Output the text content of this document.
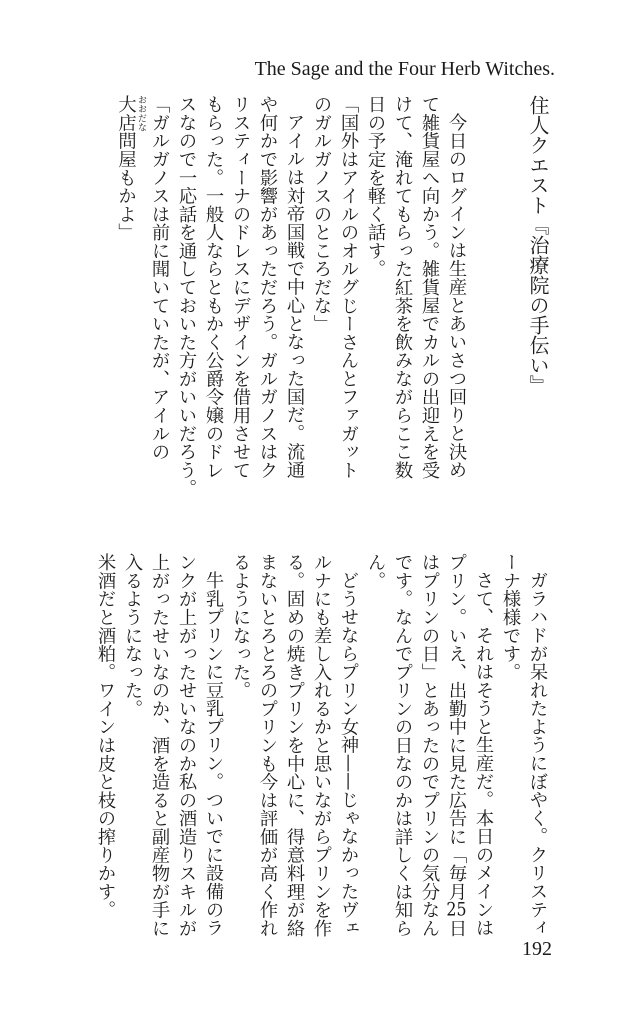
The Sage and the Four Herb Witches.
住人クエスト『治療院の手伝い』
今日のログインは生産とあいさつ回りと決め
て雑貨屋へ向かう。雑貨屋でカルの出迎えを受
けて、淹れてもらった紅茶を飲みながらここ数
日の予定を軽く話す。
「国外はアイルのオルグじーさんとファガット
のガルガノスのところだな」
アイルは対帝国戦で中心となった国だ。流通
や何かで影響があっただろう。ガルガノスはク
リスティーナのドレスにデザインを借用させて
もらった。一般人ならともかく公爵令嬢のドレ
スなので一応話を通しておいた方がいいだろう。
「ガルガノスは前に聞いていたが、アイルの
大店 おおだな問屋もかよ」
ガラハドが呆れたようにぼやく。クリスティ
ーナ様様です。
さて、それはそうと生産だ。本日のメインは
プリン。いえ、出勤中に見た広告に「毎月25日
はプリンの日」とあったのでプリンの気分なん
です。なんでプリンの日なのかは詳しくは知ら
ん。
どうせならプリン女神——じゃなかったヴェ
ルナにも差し入れるかと思いながらプリンを作
る。固めの焼きプリンを中心に、得意料理が絡
まないとろとろのプリンも今は評価が高く作れ
るようになった。
牛乳プリンに豆乳プリン。ついでに設備のラ
ンクが上がったせいなのか私の酒造りスキルが
上がったせいなのか、酒を造ると副産物が手に
入るようになった。
米酒だと酒粕。ワインは皮と枝の搾りかす。
192
